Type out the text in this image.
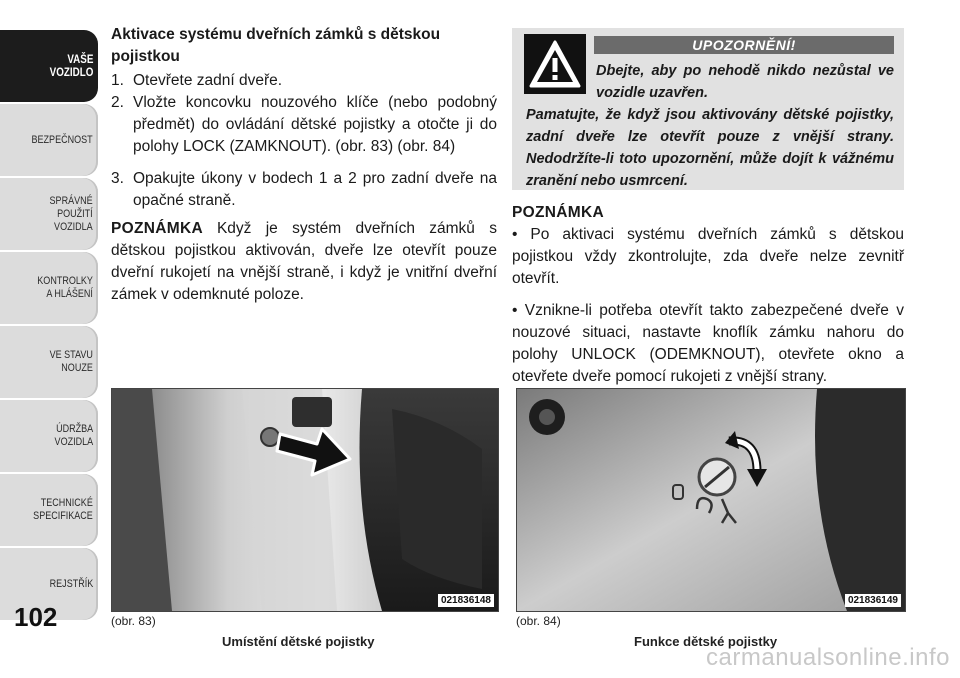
VAŠE
VOZIDLO
BEZPEČNOST
SPRÁVNÉ
POUŽITÍ
VOZIDLA
KONTROLKY
A HLÁŠENÍ
VE STAVU
NOUZE
ÚDRŽBA
VOZIDLA
TECHNICKÉ
SPECIFIKACE
REJSTŘÍK
102
Aktivace systému dveřních zámků s dětskou pojistkou
1. Otevřete zadní dveře.
2. Vložte koncovku nouzového klíče (nebo podobný předmět) do ovládání dětské pojistky a otočte ji do polohy LOCK (ZAMKNOUT). (obr. 83) (obr. 84)
3. Opakujte úkony v bodech 1 a 2 pro zadní dveře na opačné straně.
POZNÁMKA Když je systém dveřních zámků s dětskou pojistkou aktivován, dveře lze otevřít pouze dveřní rukojetí na vnější straně, i když je vnitřní dveřní zámek v odemknuté poloze.
UPOZORNĚNÍ!
Dbejte, aby po nehodě nikdo nezůstal ve vozidle uzavřen.
Pamatujte, že když jsou aktivovány dětské pojistky, zadní dveře lze otevřít pouze z vnější strany. Nedodržíte-li toto upozornění, může dojít k vážnému zranění nebo usmrcení.
POZNÁMKA

• Po aktivaci systému dveřních zámků s dětskou pojistkou vždy zkontrolujte, zda dveře nelze zevnitř otevřít.

• Vznikne-li potřeba otevřít takto zabezpečené dveře v nouzové situaci, nastavte knoflík zámku nahoru do polohy UNLOCK (ODEMKNOUT), otevřete okno a otevřete dveře pomocí rukojeti z vnější strany.

021836148
(obr. 83)
Umístění dětské pojistky
021836149
(obr. 84)
Funkce dětské pojistky
carmanualsonline.info
